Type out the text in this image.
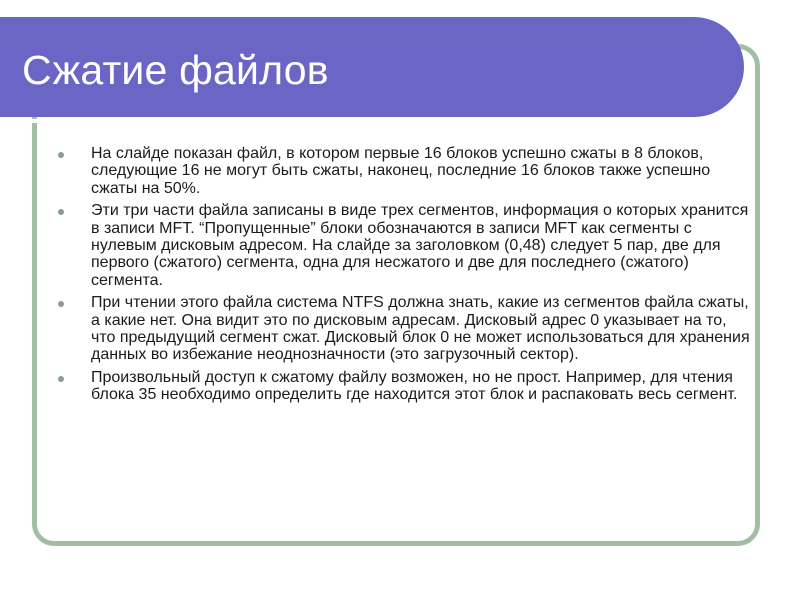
Сжатие файлов
На слайде показан файл, в котором первые 16 блоков успешно сжаты в 8 блоков, следующие 16 не могут быть сжаты, наконец, последние 16 блоков также успешно сжаты на 50%.
Эти три части файла записаны в виде трех сегментов, информация о которых хранится в записи MFT. “Пропущенные” блоки обозначаются в записи MFT как сегменты с нулевым дисковым адресом. На слайде за заголовком (0,48) следует 5 пар, две для первого (сжатого) сегмента, одна для несжатого и две для последнего (сжатого) сегмента.
При чтении этого файла система NTFS должна знать, какие из сегментов файла сжаты, а какие нет. Она видит это по дисковым адресам. Дисковый адрес 0 указывает на то, что предыдущий сегмент сжат. Дисковый блок 0 не может использоваться для хранения данных во избежание неоднозначности (это загрузочный сектор).
Произвольный доступ к сжатому файлу возможен, но не прост. Например, для чтения блока 35 необходимо определить где находится этот блок и распаковать весь сегмент.
